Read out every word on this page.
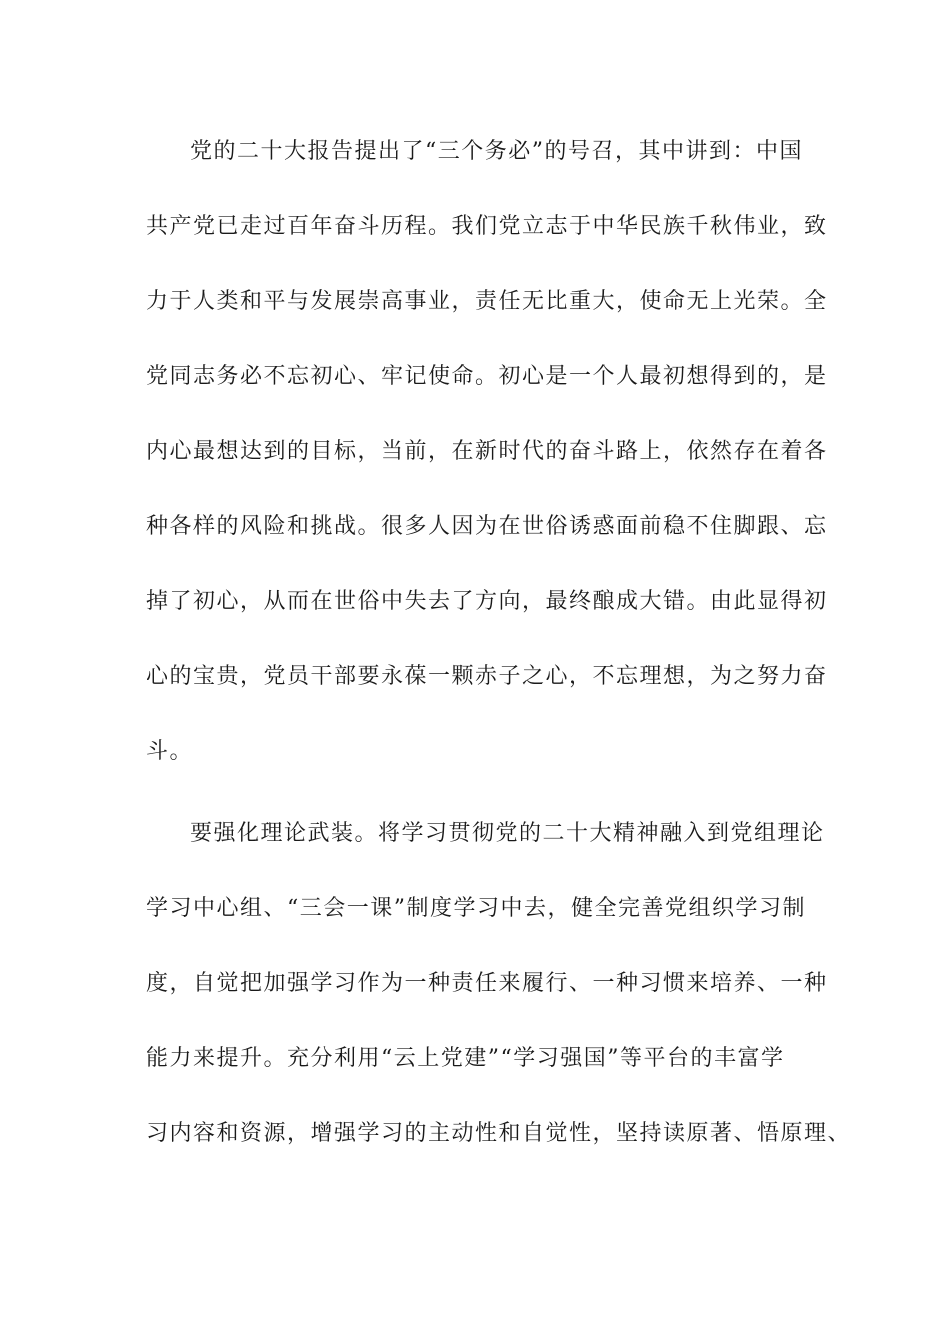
党的二十大报告提出了“三个务必”的号召，其中讲到：中国
共产党已走过百年奋斗历程。我们党立志于中华民族千秋伟业，致
力于人类和平与发展崇高事业，责任无比重大，使命无上光荣。全
党同志务必不忘初心、牢记使命。初心是一个人最初想得到的，是
内心最想达到的目标，当前，在新时代的奋斗路上，依然存在着各
种各样的风险和挑战。很多人因为在世俗诱惑面前稳不住脚跟、忘
掉了初心，从而在世俗中失去了方向，最终酿成大错。由此显得初
心的宝贵，党员干部要永葆一颗赤子之心，不忘理想，为之努力奋
斗。
要强化理论武装。将学习贯彻党的二十大精神融入到党组理论
学习中心组、“三会一课”制度学习中去，健全完善党组织学习制
度，自觉把加强学习作为一种责任来履行、一种习惯来培养、一种
能力来提升。充分利用“云上党建”“学习强国”等平台的丰富学
习内容和资源，增强学习的主动性和自觉性，坚持读原著、悟原理、
